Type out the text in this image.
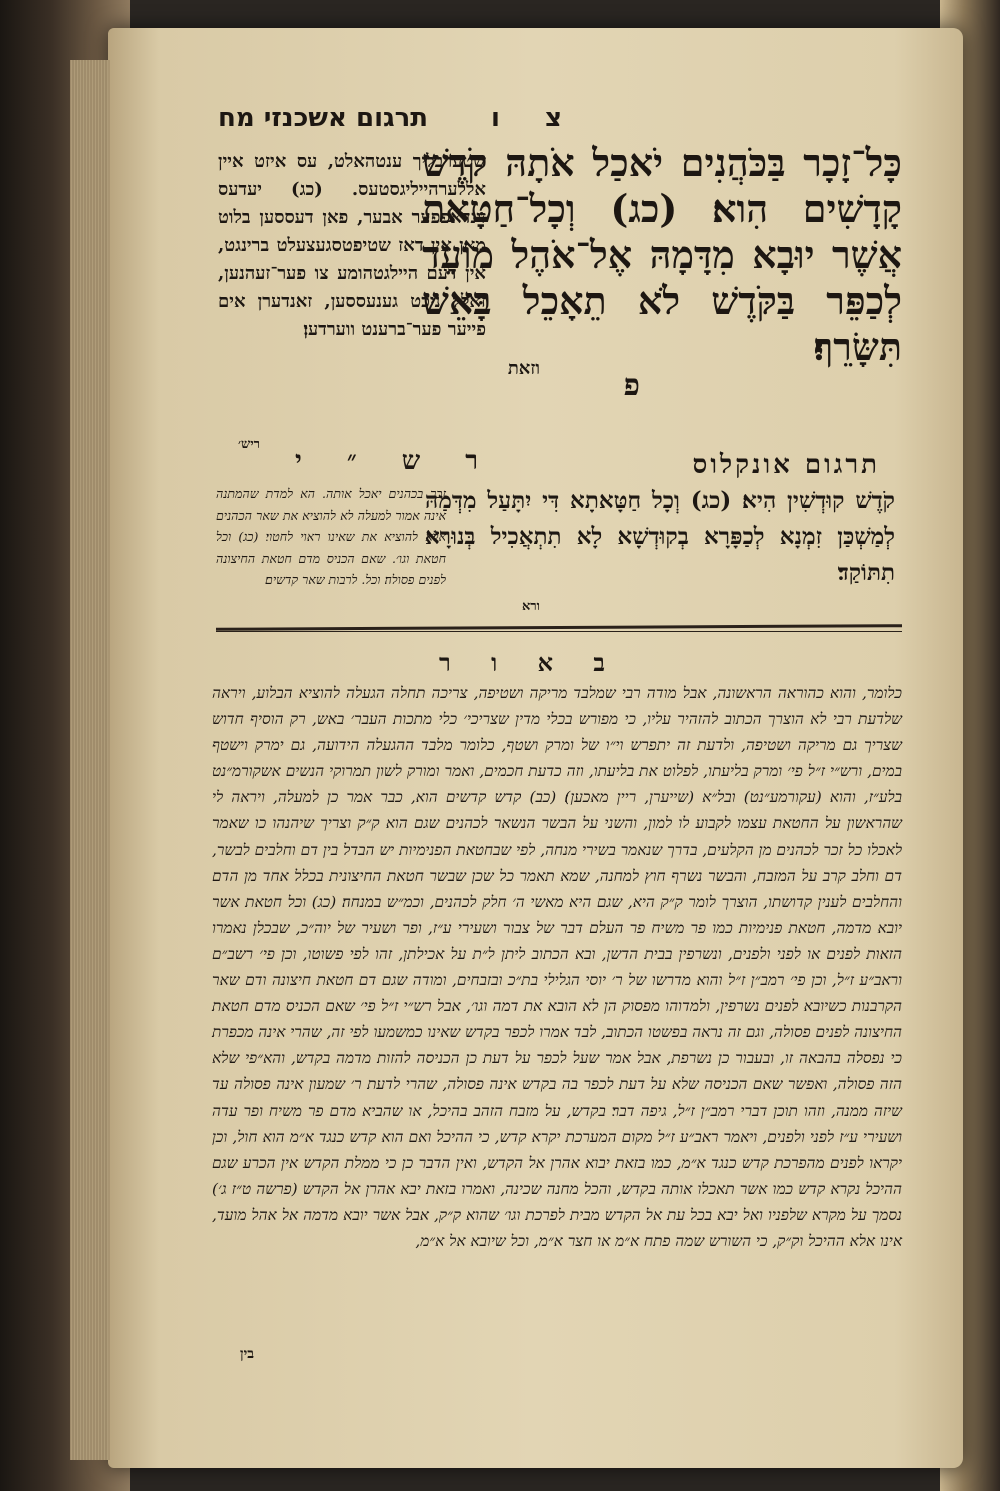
תרגום אשכנזי מח צ ו
כָּל־זָכָר בַּכֹּהֲנִים יֹאכַל אֹתָהּ קֹדֶשׁ קָדָשִׁים הִוא׃ (כג) וְכָל־חַטָּאת אֲשֶׁר יוּבָא מִדָּמָהּ אֶל־אֹהֶל מוֹעֵד לְכַפֵּר בַּקֹּדֶשׁ לֹא תֵאָכֵל בָּאֵשׁ תִּשָּׂרֵף׃
פ
וזאת
שטערבליך ענטהאלט, עס איזט איין אללערהייליגסטעס. (כג) יעדעס זינדאפפער אבער, פאן דעססען בלוט מאן אין דאז שטיפטסגעצעלט ברינגט, אין דעם היילגטהומע צו פער־זעהנען, זאלל ניכט גענעססען, זאנדערן אים פייער פער־ברענט ווערדען׃
ריש׳
תרגום אונקלוס
קֹדֶשׁ קוּדְשִׁין הִיא׃ (כג) וְכָל חַטָּאתָא דִּי יִתָּעַל מִדְּמַהּ לְמַשְׁכַּן זִמְנָא לְכַפָּרָא בְקוּדְשָׁא לָא תִתְאֲכִיל בְּנוּרָא תִתּוֹקַד׃
ורא
ר ש ״ י
זכר בכהנים יאכל אותה. הא למדת שהמתנה אינה אמור למעלה לא להוציא את שאר הכהנים אלא להוציא את שאינו ראוי לחטוי׃ (כג) וכל חטאת וגו׳. שאם הכניס מדם חטאת החיצונה לפנים פסולה׃ וכל. לרבות שאר קדשים׃
ב א ו ר
כלומר, והוא כהוראה הראשונה, אבל מודה רבי שמלבד מריקה ושטיפה, צריכה תחלה הגעלה להוציא הבלוע, ויראה שלדעת רבי לא הוצרך הכתוב להזהיר עליו, כי מפורש בכלי מדין שצריכי׳ כלי מתכות העבר׳ באש, רק הוסיף חדוש שצריך גם מריקה ושטיפה, ולדעת זה יתפרש וי״ו של ומרק ושטף, כלומר מלבד ההגעלה הידועה, גם ימרק וישטף במים, ורש״י ז״ל פי׳ ומרק בליעתו, לפלוט את בליעתו, וזה כדעת חכמים, ואמר ומורק לשון תמרוקי הנשים אשקורמ״נט בלע״ז, והוא (עקורמע״נט) ובל״א (שייערן, ריין מאכען)׃ (כב) קדש קדשים הוא, כבר אמר כן למעלה, ויראה לי שהראשון על החטאת עצמו לקבוע לו למון, והשני על הבשר הנשאר לכהנים שגם הוא ק״ק וצריך שיהנהו כו שאמר לאכלו כל זכר לכהנים מן הקלעים, בדרך שנאמר בשירי מנחה, לפי שבחטאת הפנימיות יש הבדל בין דם וחלבים לבשר, דם וחלב קרב על המזבח, והבשר נשרף חוץ למחנה, שמא תאמר כל שכן שבשר חטאת החיצונית בכלל אחד מן הדם והחלבים לענין קדושתו, הוצרך לומר ק״ק היא, שגם היא מאשי ה׳ חלק לכהנים, וכמ״ש במנחה׃ (כג) וכל חטאת אשר יובא מדמה, חטאת פנימיות כמו פר משיח פר העלם דבר של צבור ושעירי ע״ז, ופר ושעיר של יוה״כ, שבכלן נאמרו הזאות לפנים או לפני ולפנים, ונשרפין בבית הדשן, ובא הכתוב ליתן ל״ת על אכילתן, זהו לפי פשוטו, וכן פי׳ רשב״ם וראב״ע ז״ל, וכן פי׳ רמב״ן ז״ל והוא מדרשו של ר׳ יוסי הגלילי בת״כ ובזבחים, ומודה שגם דם חטאת חיצונה ודם שאר הקרבנות כשיובא לפנים נשרפין, ולמדוהו מפסוק הן לא הובא את דמה וגו׳, אבל רש״י ז״ל פי׳ שאם הכניס מדם חטאת החיצונה לפנים פסולה, וגם זה נראה בפשטו הכתוב, לבד אמרו לכפר בקדש שאינו כמשמעו לפי זה, שהרי אינה מכפרת כי נפסלה בהבאה זו, ובעבור כן נשרפת, אבל אמר שעל לכפר על דעת כן הכניסה להזות מדמה בקדש, והא״פי שלא הזה פסולה, ואפשר שאם הכניסה שלא על דעת לכפר בה בקדש אינה פסולה, שהרי לדעת ר׳ שמעון אינה פסולה עד שיזה ממנה, וזהו תוכן דברי רמב״ן ז״ל, גיפה דבר׃ בקדש, על מזבח הזהב בהיכל, או שהביא מדם פר משיח ופר עדה ושעירי ע״ז לפני ולפנים, ויאמר ראב״ע ז״ל מקום המערכת יקרא קדש, כי ההיכל ואם הוא קדש כנגד א״מ הוא חול, וכן יקראו לפנים מהפרכת קדש כנגד א״מ, כמו בזאת יבוא אהרן אל הקדש, ואין הדבר כן כי ממלת הקדש אין הכרע שגם ההיכל נקרא קדש כמו אשר תאכלו אותה בקדש, והכל מחנה שכינה, ואמרו בזאת יבא אהרן אל הקדש (פרשה ט״ז ג׳) נסמך על מקרא שלפניו ואל יבא בכל עת אל הקדש מבית לפרכת וגו׳ שהוא ק״ק, אבל אשר יובא מדמה אל אהל מועד, אינו אלא ההיכל וק״ק, כי השורש שמה פתח א״מ או חצר א״מ, וכל שיובא אל א״מ,
בין
